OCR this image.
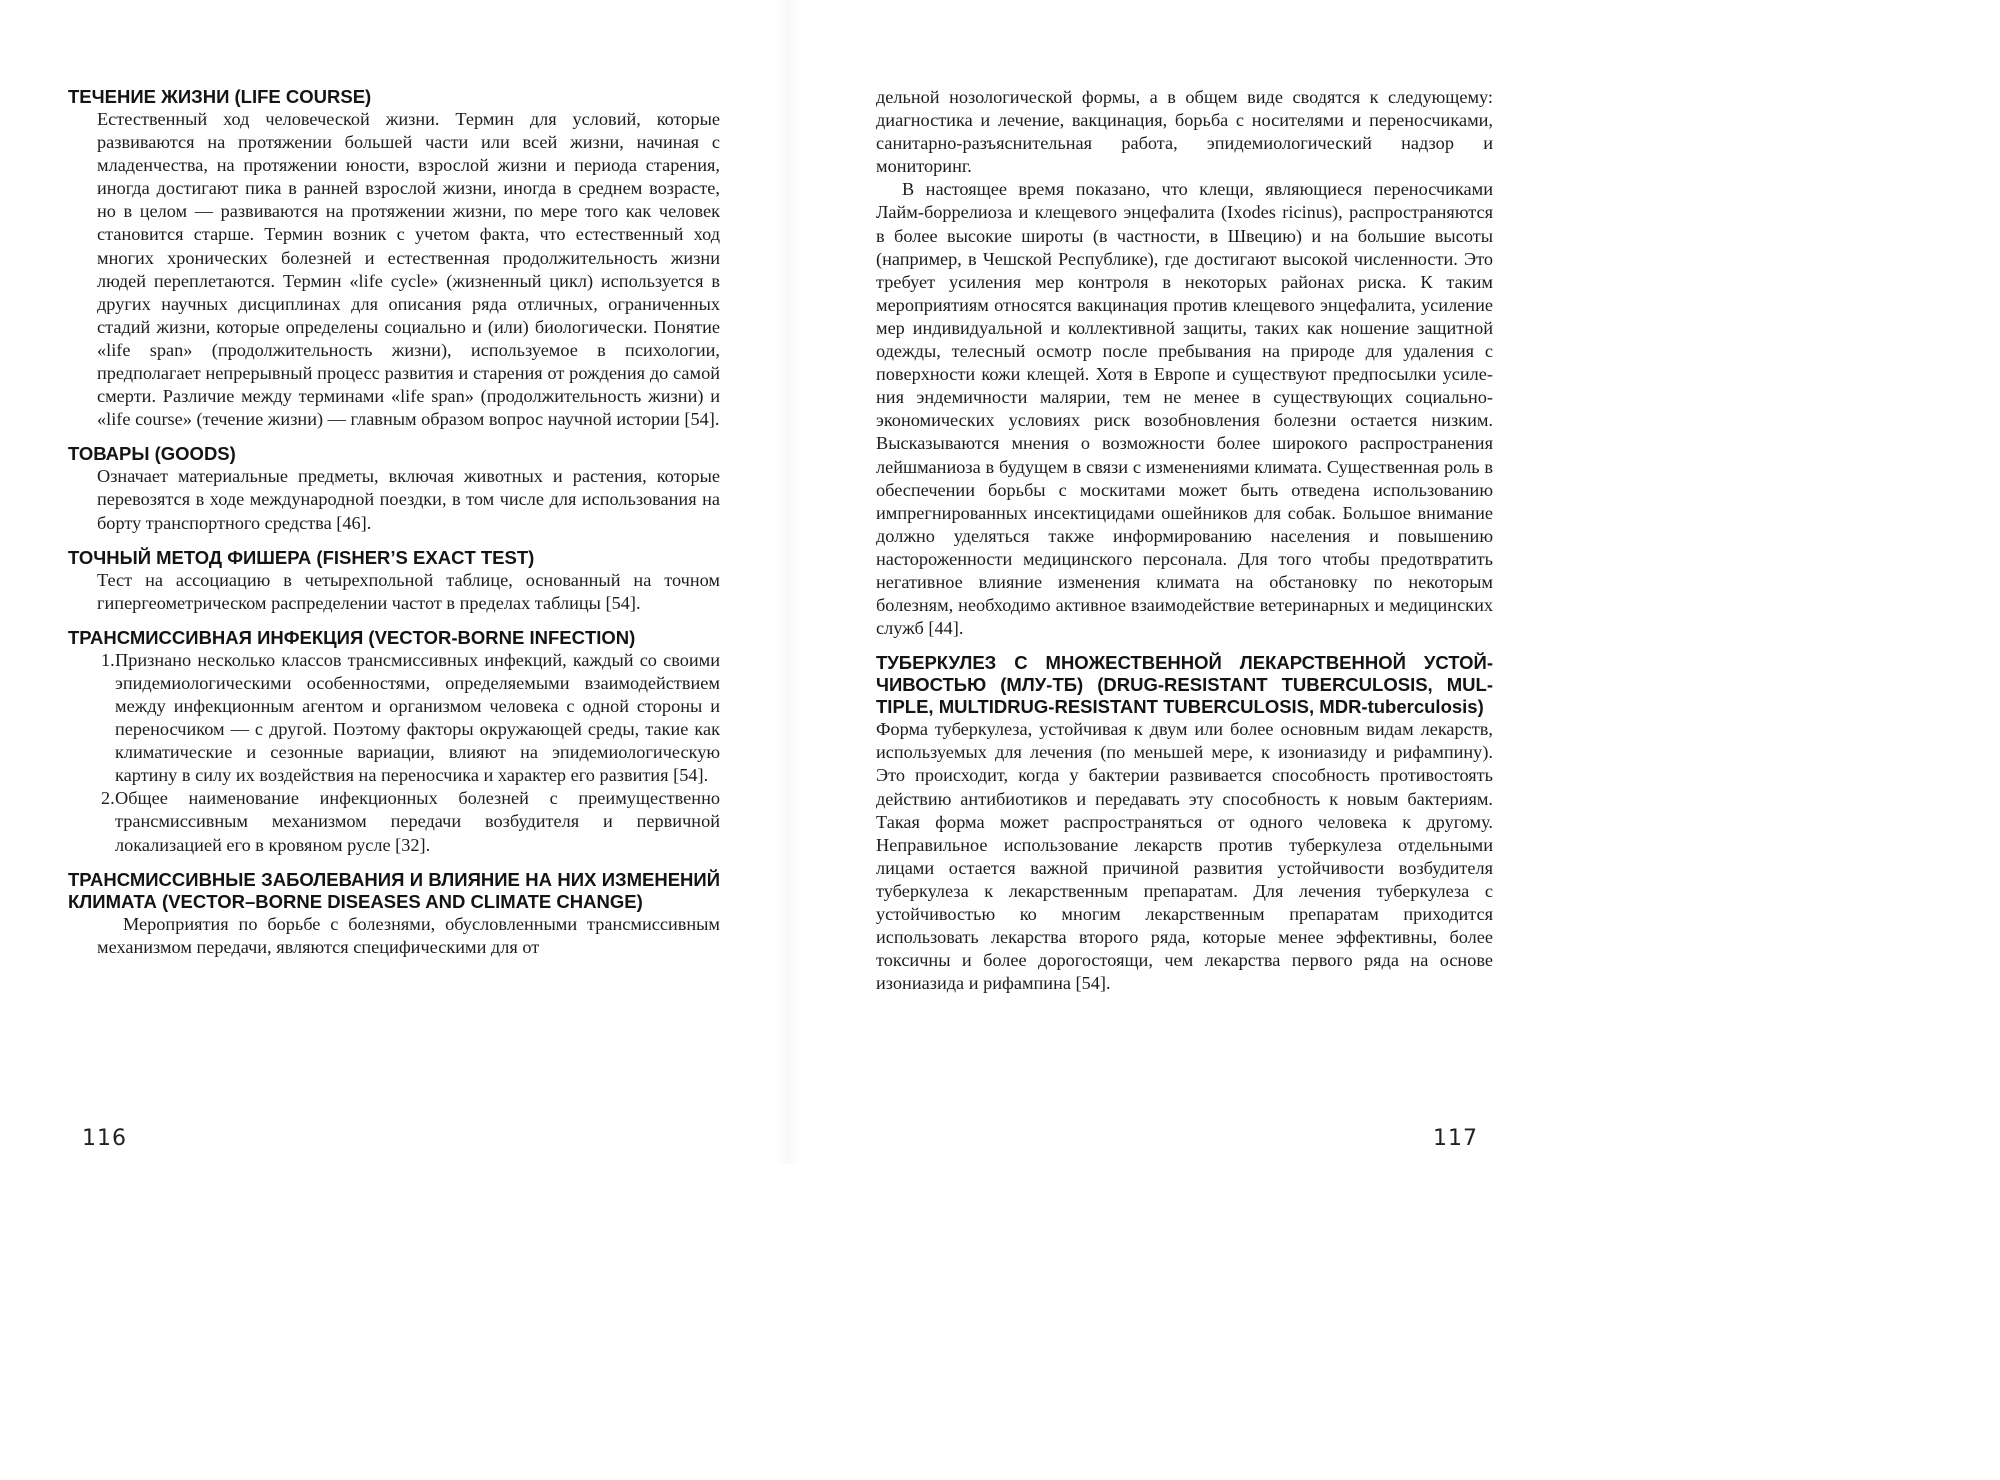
ТЕЧЕНИЕ ЖИЗНИ (LIFE COURSE)
Естественный ход человеческой жизни. Термин для условий, которые развиваются на протяжении большей части или всей жизни, начиная с младенчества, на протяжении юности, взрослой жизни и периода старения, иногда достигают пика в ранней взрослой жизни, иногда в среднем возрасте, но в целом — развиваются на протяжении жизни, по мере того как человек становится старше. Термин возник с учетом факта, что естественный ход многих хронических болезней и естественная продолжительность жизни людей переплетаются. Термин «life cycle» (жизненный цикл) используется в других научных дисциплинах для описания ряда отличных, ограниченных стадий жизни, которые определены социально и (или) биологически. Понятие «life span» (продолжительность жизни), используемое в психологии, предполагает непрерывный процесс развития и старения от рождения до самой смерти. Различие между терминами «life span» (продолжительность жизни) и «life course» (течение жизни) — главным образом вопрос научной истории [54].
ТОВАРЫ (GOODS)
Означает материальные предметы, включая животных и растения, которые перевозятся в ходе международной поездки, в том числе для использования на борту транспортного средства [46].
ТОЧНЫЙ МЕТОД ФИШЕРА (FISHER’S EXACT TEST)
Тест на ассоциацию в четырехпольной таблице, основанный на точном гипергеометрическом распределении частот в пределах таблицы [54].
ТРАНСМИССИВНАЯ ИНФЕКЦИЯ (VECTOR-BORNE INFECTION)
1. Признано несколько классов трансмиссивных инфекций, каждый со своими эпидемиологическими особенностями, определяемыми взаимодействием между инфекционным агентом и организмом человека с одной стороны и переносчиком — с другой. Поэтому факторы окружающей среды, такие как климатические и сезонные вариации, влияют на эпидемиологическую картину в силу их воздействия на переносчика и характер его развития [54].
2. Общее наименование инфекционных болезней с преимущественно трансмиссивным механизмом передачи возбудителя и первичной локализацией его в кровяном русле [32].
ТРАНСМИССИВНЫЕ ЗАБОЛЕВАНИЯ И ВЛИЯНИЕ НА НИХ ИЗМЕНЕНИЙ КЛИМАТА (VECTOR–BORNE DISEASES AND CLIMATE CHANGE)
Мероприятия по борьбе с болезнями, обусловленными трансмиссивным механизмом передачи, являются специфическими для от
116
дельной нозологической формы, а в общем виде сводятся к следующему: диагностика и лечение, вакцинация, борьба с носителями и переносчиками, санитарно-разъяснительная работа, эпидемиологический надзор и мониторинг.
В настоящее время показано, что клещи, являющиеся переносчиками Лайм-боррелиоза и клещевого энцефалита (Ixodes ricinus), распространяются в более высокие широты (в частности, в Швецию) и на большие высоты (например, в Чешской Республике), где достигают высокой численности. Это требует усиления мер контроля в некоторых районах риска. К таким мероприятиям относятся вакцинация против клещевого энцефалита, усиление мер индивидуальной и коллективной защиты, таких как ношение защитной одежды, телесный осмотр после пребывания на природе для удаления с поверхности кожи клещей. Хотя в Европе и существуют предпосылки усиления эндемичности малярии, тем не менее в существующих социально-экономических условиях риск возобновления болезни остается низким. Высказываются мнения о возможности более широкого распространения лейшманиоза в будущем в связи с изменениями климата. Существенная роль в обеспечении борьбы с москитами может быть отведена использованию импрегнированных инсектицидами ошейников для собак. Большое внимание должно уделяться также информированию населения и повышению настороженности медицинского персонала. Для того чтобы предотвратить негативное влияние изменения климата на обстановку по некоторым болезням, необходимо активное взаимодействие ветеринарных и медицинских служб [44].
ТУБЕРКУЛЕЗ С МНОЖЕСТВЕННОЙ ЛЕКАРСТВЕННОЙ УСТОЙЧИВОСТЬЮ (МЛУ-ТБ) (DRUG-RESISTANT TUBERCULOSIS, MULTIPLE, MULTIDRUG-RESISTANT TUBERCULOSIS, MDR-tuberculosis)
Форма туберкулеза, устойчивая к двум или более основным видам лекарств, используемых для лечения (по меньшей мере, к изониазиду и рифампину). Это происходит, когда у бактерии развивается способность противостоять действию антибиотиков и передавать эту способность к новым бактериям. Такая форма может распространяться от одного человека к другому. Неправильное использование лекарств против туберкулеза отдельными лицами остается важной причиной развития устойчивости возбудителя туберкулеза к лекарственным препаратам. Для лечения туберкулеза с устойчивостью ко многим лекарственным препаратам приходится использовать лекарства второго ряда, которые менее эффективны, более токсичны и более дорогостоящи, чем лекарства первого ряда на основе изониазида и рифампина [54].
117
